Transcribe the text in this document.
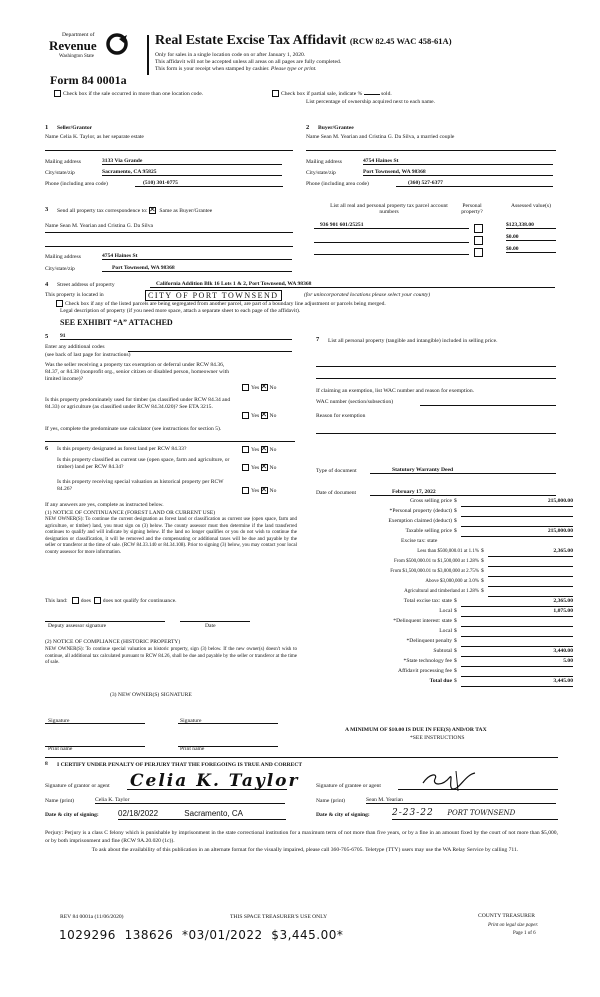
Department of
Revenue
Washington State
Real Estate Excise Tax Affidavit (RCW 82.45 WAC 458-61A)
Only for sales in a single location code on or after January 1, 2020.
This affidavit will not be accepted unless all areas on all pages are fully completed.
This form is your receipt when stamped by cashier. Please type or print.
Form 84 0001a
Check box if the sale occurred in more than one location code.	Check box if partial sale, indicate %	sold.
List percentage of ownership acquired next to each name.
1 Seller/Grantor
Name Celia K. Taylor, as her separate estate
Mailing address	3133 Via Grande
City/state/zip	Sacramento, CA 95825
Phone (including area code)	(510) 301-0775
2 Buyer/Grantee
Name Sean M. Yearian and Cristina G. Da Silva, a married couple
Mailing address	4754 Haines St
City/state/zip	Port Townsend, WA 98368
Phone (including area code)	(360) 527-6377
3 Send all property tax correspondence to: ✕ Same as Buyer/Grantee
Name Sean M. Yearian and Cristina G. Da Silva
Mailing address	4754 Haines St
City/state/zip	Port Townsend, WA 98368
List all real and personal property tax parcel account numbers
Personal property?
Assessed value(s)
936 901 601/25251	$123,338.00
$0.00
$0.00
4 Street address of property	California Addition Blk 16 Lots 1 & 2, Port Townsend, WA 98368
This property is located in	CITY OF PORT TOWNSEND	(for unincorporated locations please select your county)
Check box if any of the listed parcels are being segregated from another parcel, are part of a boundary line adjustment or parcels being merged.
Legal description of property (if you need more space, attach a separate sheet to each page of the affidavit).
SEE EXHIBIT “A” ATTACHED
5 91
Enter any additional codes
(see back of last page for instructions)
Was the seller receiving a property tax exemption or deferral under RCW 84.36, 84.37, or 84.38 (nonprofit org., senior citizen or disabled person, homeowner with limited income)?
Yes ✕ No
Is this property predominately used for timber (as classified under RCW 84.34 and 84.33) or agriculture (as classified under RCW 84.34.020)? See ETA 3215.
Yes ✕ No
If yes, complete the predominate use calculator (see instructions for section 5).
6 Is this property designated as forest land per RCW 84.33?	Yes ✕ No
Is this property classified as current use (open space, farm and agriculture, or timber) land per RCW 84.34?	Yes ✕ No
Is this property receiving special valuation as historical property per RCW 84.26?	Yes ✕ No
If any answers are yes, complete as instructed below.
(1) NOTICE OF CONTINUANCE (FOREST LAND OR CURRENT USE)
NEW OWNER(S): To continue the current designation as forest land or classification as current use (open space, farm and agriculture, or timber) land, you must sign on (3) below. The county assessor must then determine if the land transferred continues to qualify and will indicate by signing below. If the land no longer qualifies or you do not wish to continue the designation or classification, it will be removed and the compensating or additional taxes will be due and payable by the seller or transferor at the time of sale. (RCW 84.33.140 or 84.34.108). Prior to signing (3) below, you may contact your local county assessor for more information.
This land: does does not qualify for continuance.
Deputy assessor signature	Date
(2) NOTICE OF COMPLIANCE (HISTORIC PROPERTY)
NEW OWNER(S): To continue special valuation as historic property, sign (3) below. If the new owner(s) doesn't wish to continue, all additional tax calculated pursuant to RCW 84.26, shall be due and payable by the seller or transferor at the time of sale.
(3) NEW OWNER(S) SIGNATURE
Signature	Signature
Print name	Print name
7	List all personal property (tangible and intangible) included in selling price.
If claiming an exemption, list WAC number and reason for exemption.
WAC number (section/subsection)
Reason for exemption
Type of document	Statutory Warranty Deed
Date of document	February 17, 2022
Gross selling price $	215,000.00
*Personal property (deduct) $
Exemption claimed (deduct) $
Taxable selling price $	215,000.00
Excise tax: state
Less than $500,000.01 at 1.1% $	2,365.00
From $500,000.01 to $1,500,000 at 1.28% $
From $1,500,000.01 to $3,000,000 at 2.75% $
Above $3,000,000 at 3.0% $
Agricultural and timberland at 1.28% $
Total excise tax: state $	2,365.00
Local $	1,075.00
*Delinquent interest: state $
Local $
*Delinquent penalty $
Subtotal $	3,440.00
*State technology fee $	5.00
Affidavit processing fee $
Total due $	3,445.00
A MINIMUM OF $10.00 IS DUE IN FEE(S) AND/OR TAX
*SEE INSTRUCTIONS
8 I CERTIFY UNDER PENALTY OF PERJURY THAT THE FOREGOING IS TRUE AND CORRECT
Signature of grantor or agent Celia K. Taylor
Name (print)	Celia K. Taylor
Date & city of signing: 02/18/2022	Sacramento, CA
Signature of grantee or agent
Name (print)	Sean M. Yearian
Date & city of signing: 2-23-22 PORT TOWNSEND
Perjury: Perjury is a class C felony which is punishable by imprisonment in the state correctional institution for a maximum term of not more than five years, or by a fine in an amount fixed by the court of not more than $5,000, or by both imprisonment and fine (RCW 9A.20.020 (1c)).
To ask about the availability of this publication in an alternate format for the visually impaired, please call 360-705-6705. Teletype (TTY) users may use the WA Relay Service by calling 711.
REV 84 0001a (11/06/2020)	THIS SPACE TREASURER'S USE ONLY	COUNTY TREASURER
Print on legal size paper.
Page 1 of 6
1029296  138626  *03/01/2022  $3,445.00*
